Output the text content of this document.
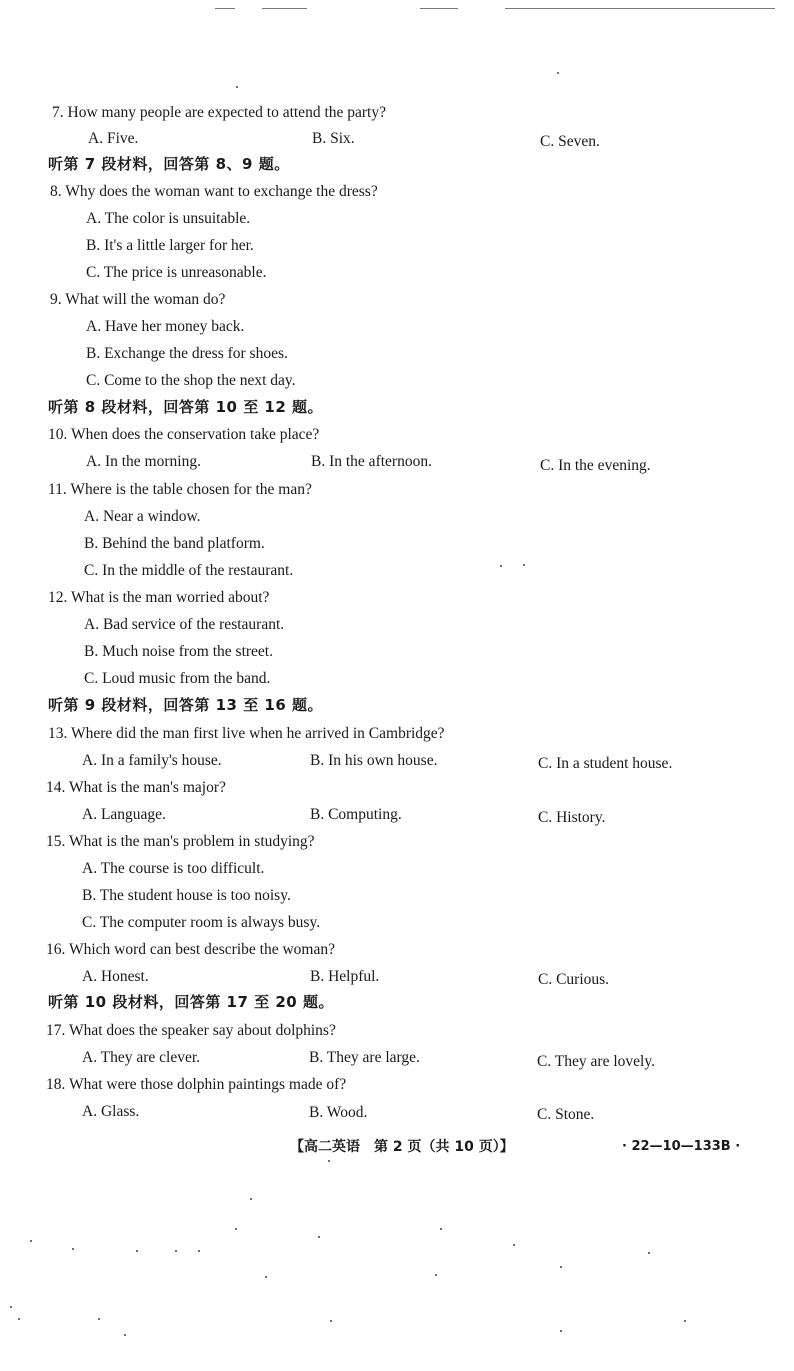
7. How many people are expected to attend the party?
A. Five.	B. Six.	C. Seven.
听第 7 段材料，回答第 8、9 题。
8. Why does the woman want to exchange the dress?
A. The color is unsuitable.
B. It's a little larger for her.
C. The price is unreasonable.
9. What will the woman do?
A. Have her money back.
B. Exchange the dress for shoes.
C. Come to the shop the next day.
听第 8 段材料，回答第 10 至 12 题。
10. When does the conservation take place?
A. In the morning.	B. In the afternoon.	C. In the evening.
11. Where is the table chosen for the man?
A. Near a window.
B. Behind the band platform.
C. In the middle of the restaurant.
12. What is the man worried about?
A. Bad service of the restaurant.
B. Much noise from the street.
C. Loud music from the band.
听第 9 段材料，回答第 13 至 16 题。
13. Where did the man first live when he arrived in Cambridge?
A. In a family's house.	B. In his own house.	C. In a student house.
14. What is the man's major?
A. Language.	B. Computing.	C. History.
15. What is the man's problem in studying?
A. The course is too difficult.
B. The student house is too noisy.
C. The computer room is always busy.
16. Which word can best describe the woman?
A. Honest.	B. Helpful.	C. Curious.
听第 10 段材料，回答第 17 至 20 题。
17. What does the speaker say about dolphins?
A. They are clever.	B. They are large.	C. They are lovely.
18. What were those dolphin paintings made of?
A. Glass.	B. Wood.	C. Stone.
【高二英语　第 2 页（共 10 页）】	· 22—10—133B ·
